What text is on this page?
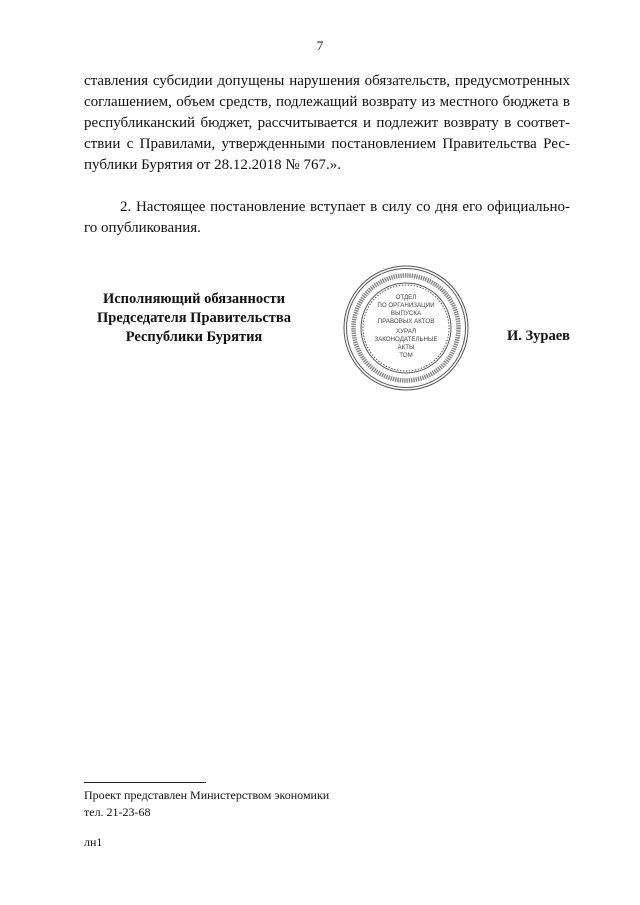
7

ставления субсидии допущены нарушения обязательств, предусмотренных соглашением, объем средств, подлежащий возврату из местного бюджета в республиканский бюджет, рассчитывается и подлежит возврату в соответ- ствии с Правилами, утвержденными постановлением Правительства Рес- публики Бурятия от 28.12.2018 № 767.».

2. Настоящее постановление вступает в силу со дня его официально- го опубликования.

Исполняющий обязанности
Председателя Правительства
Республики Бурятия
ОТДЕЛ
ПО ОРГАНИЗАЦИИ
ВЫПУСКА
ПРАВОВЫХ АКТОВ
ХУРАЛ
ЗАКОНОДАТЕЛЬНЫЕ
АКТЫ
ТОМ
И. Зураев
Проект представлен Министерством экономики
тел. 21-23-68
лн1
